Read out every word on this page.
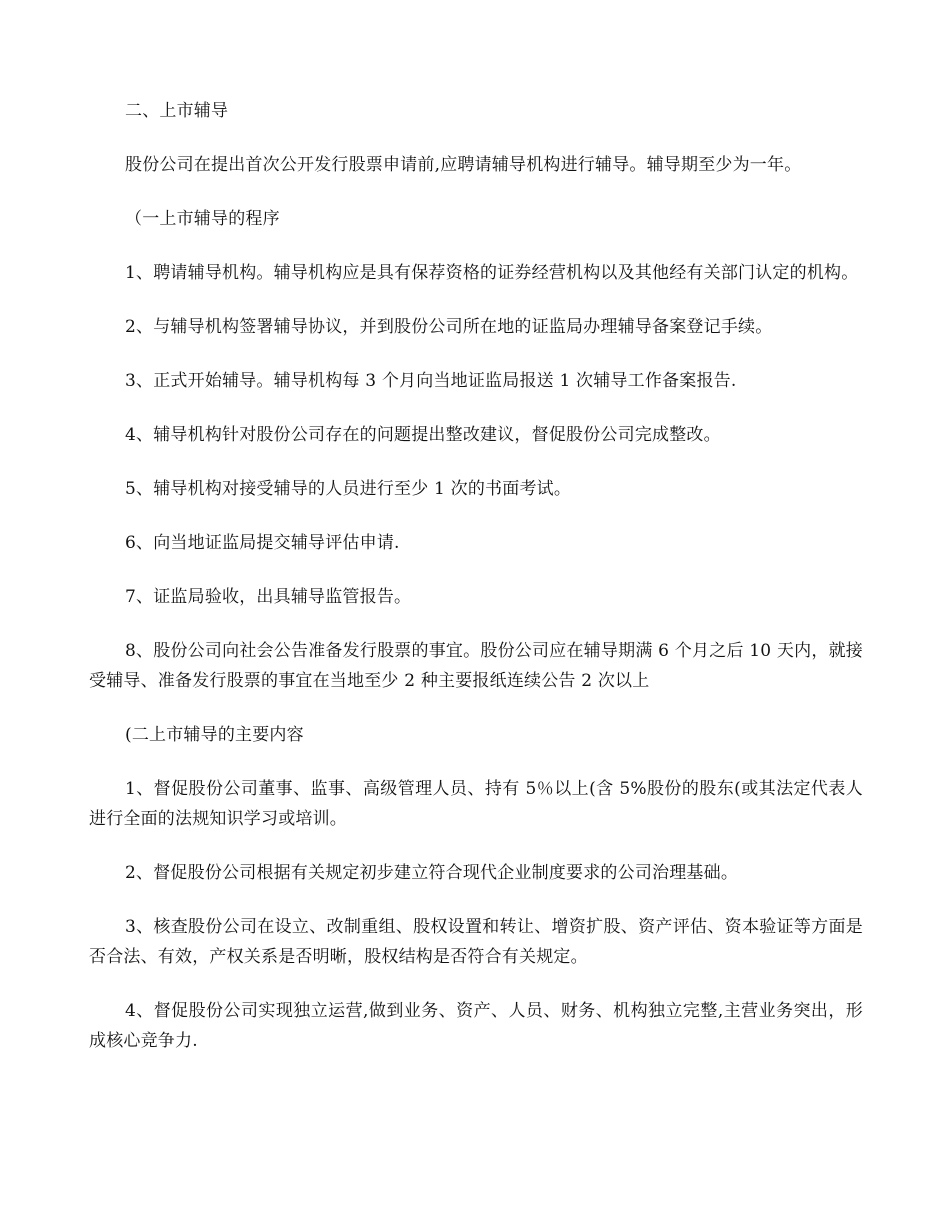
二、上市辅导

股份公司在提出首次公开发行股票申请前,应聘请辅导机构进行辅导。辅导期至少为一年。

（一上市辅导的程序

1、聘请辅导机构。辅导机构应是具有保荐资格的证券经营机构以及其他经有关部门认定的机构。

2、与辅导机构签署辅导协议，并到股份公司所在地的证监局办理辅导备案登记手续。

3、正式开始辅导。辅导机构每 3 个月向当地证监局报送 1 次辅导工作备案报告.

4、辅导机构针对股份公司存在的问题提出整改建议，督促股份公司完成整改。

5、辅导机构对接受辅导的人员进行至少 1 次的书面考试。

6、向当地证监局提交辅导评估申请.

7、证监局验收，出具辅导监管报告。

8、股份公司向社会公告准备发行股票的事宜。股份公司应在辅导期满 6 个月之后 10 天内，就接受辅导、准备发行股票的事宜在当地至少 2 种主要报纸连续公告 2 次以上

(二上市辅导的主要内容

1、督促股份公司董事、监事、高级管理人员、持有 5％以上(含 5%股份的股东(或其法定代表人进行全面的法规知识学习或培训。

2、督促股份公司根据有关规定初步建立符合现代企业制度要求的公司治理基础。

3、核查股份公司在设立、改制重组、股权设置和转让、增资扩股、资产评估、资本验证等方面是否合法、有效，产权关系是否明晰，股权结构是否符合有关规定。

4、督促股份公司实现独立运营,做到业务、资产、人员、财务、机构独立完整,主营业务突出，形成核心竞争力.
